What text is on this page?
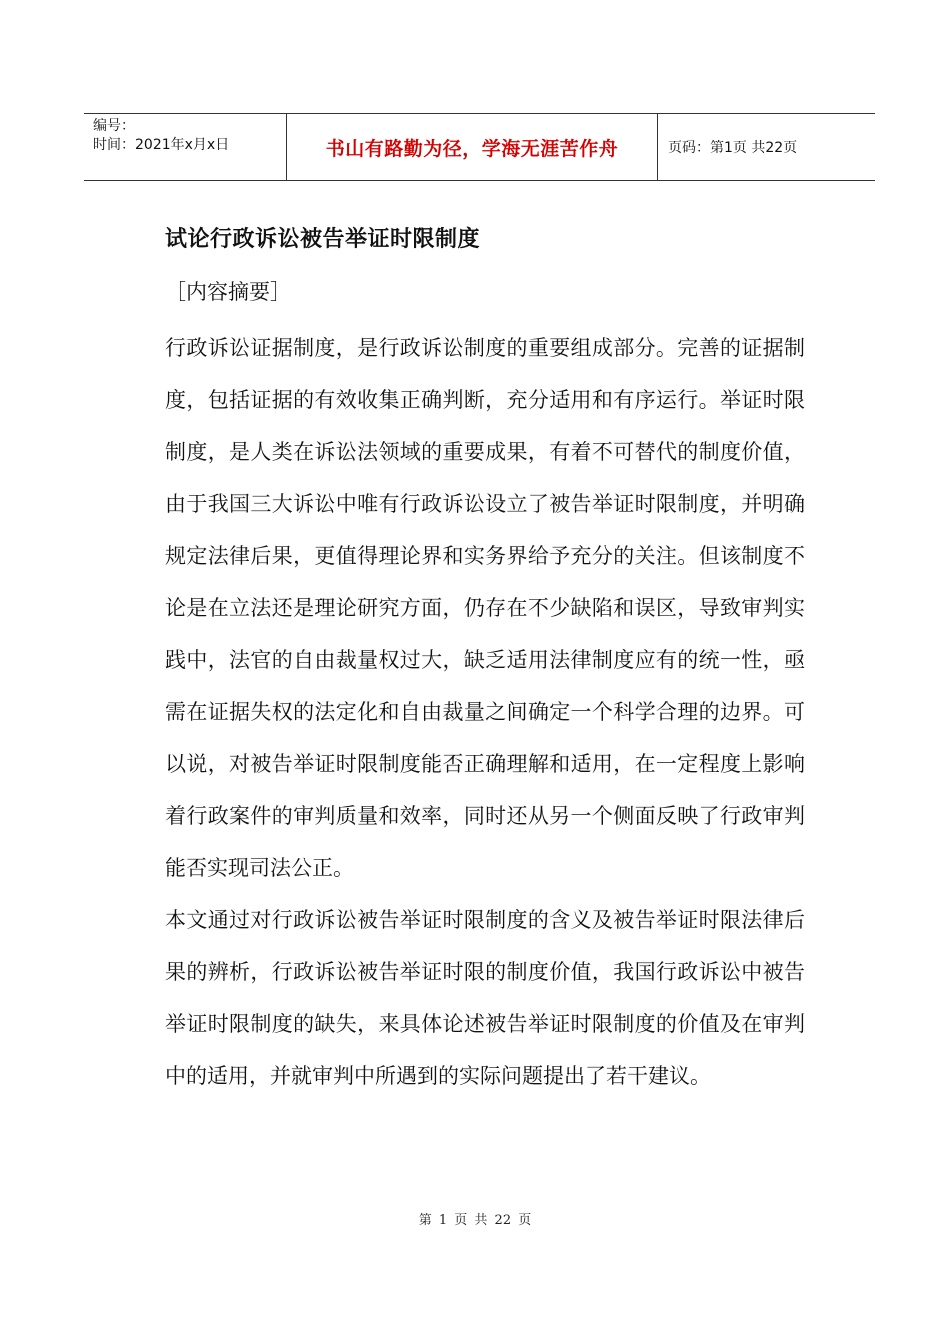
编号：
时间：2021年x月x日	书山有路勤为径，学海无涯苦作舟	页码：第1页 共22页
试论行政诉讼被告举证时限制度

［内容摘要］

行政诉讼证据制度，是行政诉讼制度的重要组成部分。完善的证据制度，包括证据的有效收集正确判断，充分适用和有序运行。举证时限制度，是人类在诉讼法领域的重要成果，有着不可替代的制度价值，由于我国三大诉讼中唯有行政诉讼设立了被告举证时限制度，并明确规定法律后果，更值得理论界和实务界给予充分的关注。但该制度不论是在立法还是理论研究方面，仍存在不少缺陷和误区，导致审判实践中，法官的自由裁量权过大，缺乏适用法律制度应有的统一性，亟需在证据失权的法定化和自由裁量之间确定一个科学合理的边界。可以说，对被告举证时限制度能否正确理解和适用，在一定程度上影响着行政案件的审判质量和效率，同时还从另一个侧面反映了行政审判能否实现司法公正。

本文通过对行政诉讼被告举证时限制度的含义及被告举证时限法律后果的辨析，行政诉讼被告举证时限的制度价值，我国行政诉讼中被告举证时限制度的缺失，来具体论述被告举证时限制度的价值及在审判中的适用，并就审判中所遇到的实际问题提出了若干建议。

第 1 页 共 22 页
